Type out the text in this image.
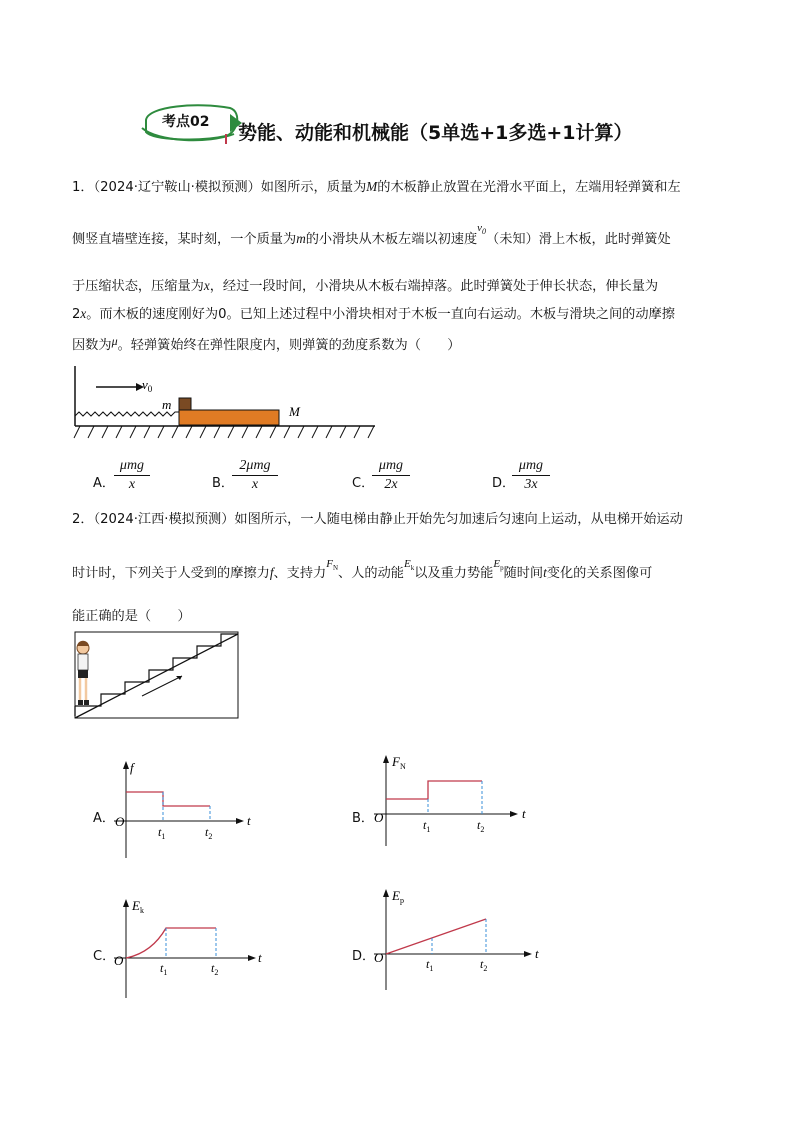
考点02 势能、动能和机械能（5单选+1多选+1计算）
1．（2024·辽宁鞍山·模拟预测）如图所示，质量为M的木板静止放置在光滑水平面上，左端用轻弹簧和左
侧竖直墙壁连接，某时刻，一个质量为m的小滑块从木板左端以初速度$^{v_0}$（未知）滑上木板，此时弹簧处
于压缩状态，压缩量为x，经过一段时间，小滑块从木板右端掉落。此时弹簧处于伸长状态，伸长量为
2x。而木板的速度刚好为0。已知上述过程中小滑块相对于木板一直向右运动。木板与滑块之间的动摩擦
因数为μ。轻弹簧始终在弹性限度内，则弹簧的劲度系数为（　　）
$v_0$
m	M
A．
μmg
x	B．
2μmg
x	C．
μmg
2x	D．
μmg
3x
2．（2024·江西·模拟预测）如图所示，一人随电梯由静止开始先匀加速后匀速向上运动，从电梯开始运动
时计时，下列关于人受到的摩擦力f、支持力$^{F_N}$、人的动能$^{E_k}$以及重力势能$^{E_p}$随时间t变化的关系图像可
能正确的是（　　）
A．
f
O
$t_1$	$t_2$
t	B．
$F_N$
O	$t_1$	$t_2$
t
C．
$E_k$
O	$t_1$	$t_2$
t	D．
$E_p$
O	$t_1$	$t_2$
t
